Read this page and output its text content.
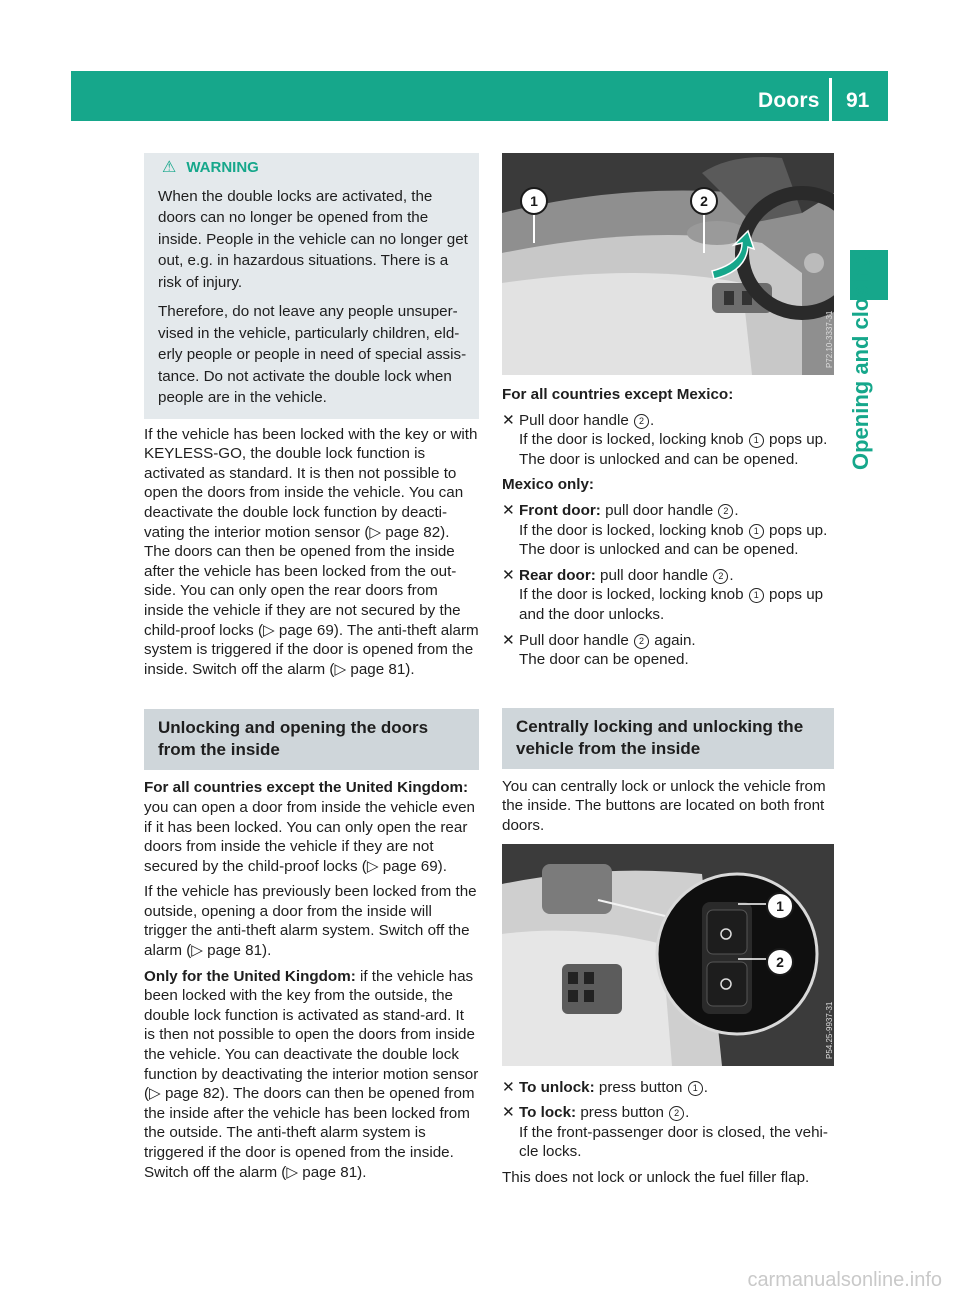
Doors 91
Opening and closing
⚠ WARNING

When the double locks are activated, the doors can no longer be opened from the inside. People in the vehicle can no longer get out, e.g. in hazardous situations. There is a risk of injury.

Therefore, do not leave any people unsuper-vised in the vehicle, particularly children, eld-erly people or people in need of special assis-tance. Do not activate the double lock when people are in the vehicle.

If the vehicle has been locked with the key or with KEYLESS-GO, the double lock function is activated as standard. It is then not possible to open the doors from inside the vehicle. You can deactivate the double lock function by deacti-vating the interior motion sensor (▷ page 82). The doors can then be opened from the inside after the vehicle has been locked from the out-side. You can only open the rear doors from inside the vehicle if they are not secured by the child-proof locks (▷ page 69). The anti-theft alarm system is triggered if the door is opened from the inside. Switch off the alarm (▷ page 81).

Unlocking and opening the doors from the inside

For all countries except the United Kingdom: you can open a door from inside the vehicle even if it has been locked. You can only open the rear doors from inside the vehicle if they are not secured by the child-proof locks (▷ page 69).

If the vehicle has previously been locked from the outside, opening a door from the inside will trigger the anti-theft alarm system. Switch off the alarm (▷ page 81).

Only for the United Kingdom: if the vehicle has been locked with the key from the outside, the double lock function is activated as stand-ard. It is then not possible to open the doors from inside the vehicle. You can deactivate the double lock function by deactivating the interior motion sensor (▷ page 82). The doors can then be opened from the inside after the vehicle has been locked from the outside. The anti-theft alarm system is triggered if the door is opened from the inside. Switch off the alarm (▷ page 81).

1	2
P72.10-3337-31

For all countries except Mexico:

✕ Pull door handle 2 .
If the door is locked, locking knob 1 pops up. The door is unlocked and can be opened.

Mexico only:

✕ Front door: pull door handle 2 .
If the door is locked, locking knob 1 pops up. The door is unlocked and can be opened.
✕ Rear door: pull door handle 2 .
If the door is locked, locking knob 1 pops up and the door unlocks.
✕ Pull door handle 2 again.
The door can be opened.
Centrally locking and unlocking the vehicle from the inside

You can centrally lock or unlock the vehicle from the inside. The buttons are located on both front doors.

1
2
P54.25-9937-31
✕ To unlock: press button 1 .
✕ To lock: press button 2 .
If the front-passenger door is closed, the vehi-cle locks.

This does not lock or unlock the fuel filler flap.

carmanualsonline.info
